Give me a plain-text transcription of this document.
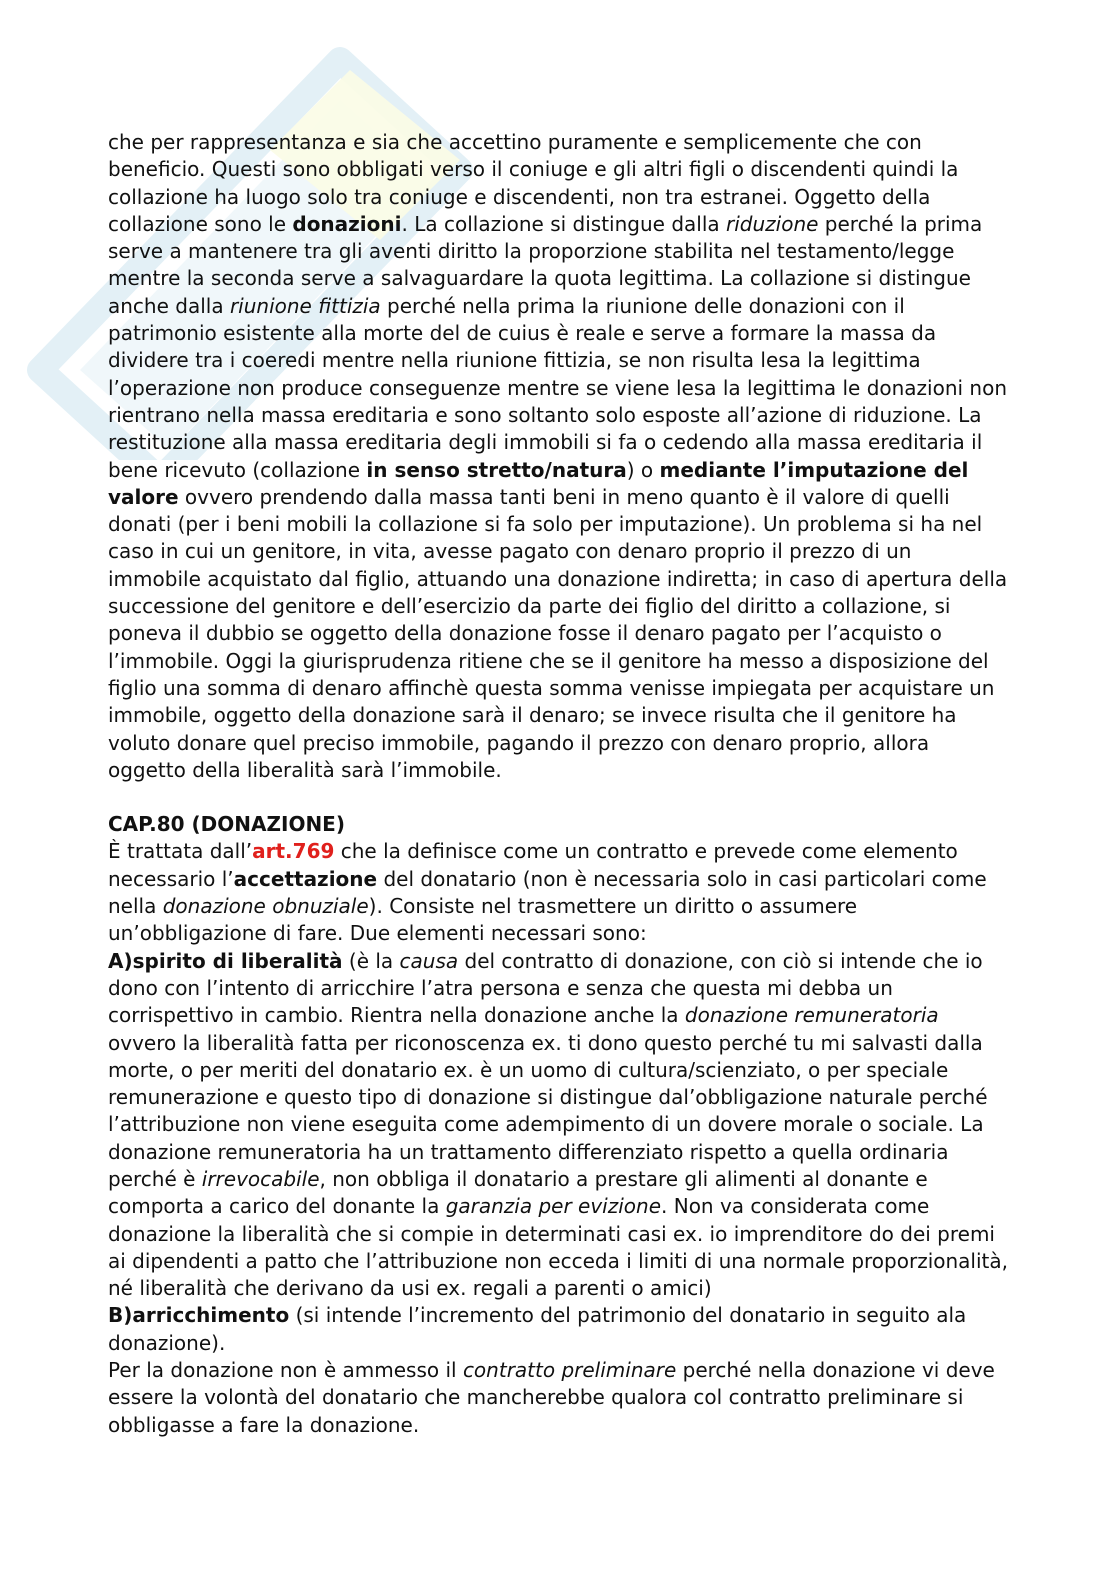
che per rappresentanza e sia che accettino puramente e semplicemente che con beneficio. Questi sono obbligati verso il coniuge e gli altri figli o discendenti quindi la collazione ha luogo solo tra coniuge e discendenti, non tra estranei. Oggetto della collazione sono le donazioni. La collazione si distingue dalla riduzione perché la prima serve a mantenere tra gli aventi diritto la proporzione stabilita nel testamento/legge mentre la seconda serve a salvaguardare la quota legittima. La collazione si distingue anche dalla riunione fittizia perché nella prima la riunione delle donazioni con il patrimonio esistente alla morte del de cuius è reale e serve a formare la massa da dividere tra i coeredi mentre nella riunione fittizia, se non risulta lesa la legittima l’operazione non produce conseguenze mentre se viene lesa la legittima le donazioni non rientrano nella massa ereditaria e sono soltanto solo esposte all’azione di riduzione. La restituzione alla massa ereditaria degli immobili si fa o cedendo alla massa ereditaria il bene ricevuto (collazione in senso stretto/natura) o mediante l’imputazione del valore ovvero prendendo dalla massa tanti beni in meno quanto è il valore di quelli donati (per i beni mobili la collazione si fa solo per imputazione). Un problema si ha nel caso in cui un genitore, in vita, avesse pagato con denaro proprio il prezzo di un immobile acquistato dal figlio, attuando una donazione indiretta; in caso di apertura della successione del genitore e dell’esercizio da parte dei figlio del diritto a collazione, si poneva il dubbio se oggetto della donazione fosse il denaro pagato per l’acquisto o l’immobile. Oggi la giurisprudenza ritiene che se il genitore ha messo a disposizione del figlio una somma di denaro affinchè questa somma venisse impiegata per acquistare un immobile, oggetto della donazione sarà il denaro; se invece risulta che il genitore ha voluto donare quel preciso immobile, pagando il prezzo con denaro proprio, allora oggetto della liberalità sarà l’immobile.

CAP.80 (DONAZIONE)

È trattata dall’art.769 che la definisce come un contratto e prevede come elemento necessario l’accettazione del donatario (non è necessaria solo in casi particolari come nella donazione obnuziale). Consiste nel trasmettere un diritto o assumere un’obbligazione di fare. Due elementi necessari sono:

A)spirito di liberalità (è la causa del contratto di donazione, con ciò si intende che io dono con l’intento di arricchire l’atra persona e senza che questa mi debba un corrispettivo in cambio. Rientra nella donazione anche la donazione remuneratoria ovvero la liberalità fatta per riconoscenza ex. ti dono questo perché tu mi salvasti dalla morte, o per meriti del donatario ex. è un uomo di cultura/scienziato, o per speciale remunerazione e questo tipo di donazione si distingue dal’obbligazione naturale perché l’attribuzione non viene eseguita come adempimento di un dovere morale o sociale. La donazione remuneratoria ha un trattamento differenziato rispetto a quella ordinaria perché è irrevocabile, non obbliga il donatario a prestare gli alimenti al donante e comporta a carico del donante la garanzia per evizione. Non va considerata come donazione la liberalità che si compie in determinati casi ex. io imprenditore do dei premi ai dipendenti a patto che l’attribuzione non ecceda i limiti di una normale proporzionalità, né liberalità che derivano da usi ex. regali a parenti o amici)

B)arricchimento (si intende l’incremento del patrimonio del donatario in seguito ala donazione).

Per la donazione non è ammesso il contratto preliminare perché nella donazione vi deve essere la volontà del donatario che mancherebbe qualora col contratto preliminare si obbligasse a fare la donazione.
